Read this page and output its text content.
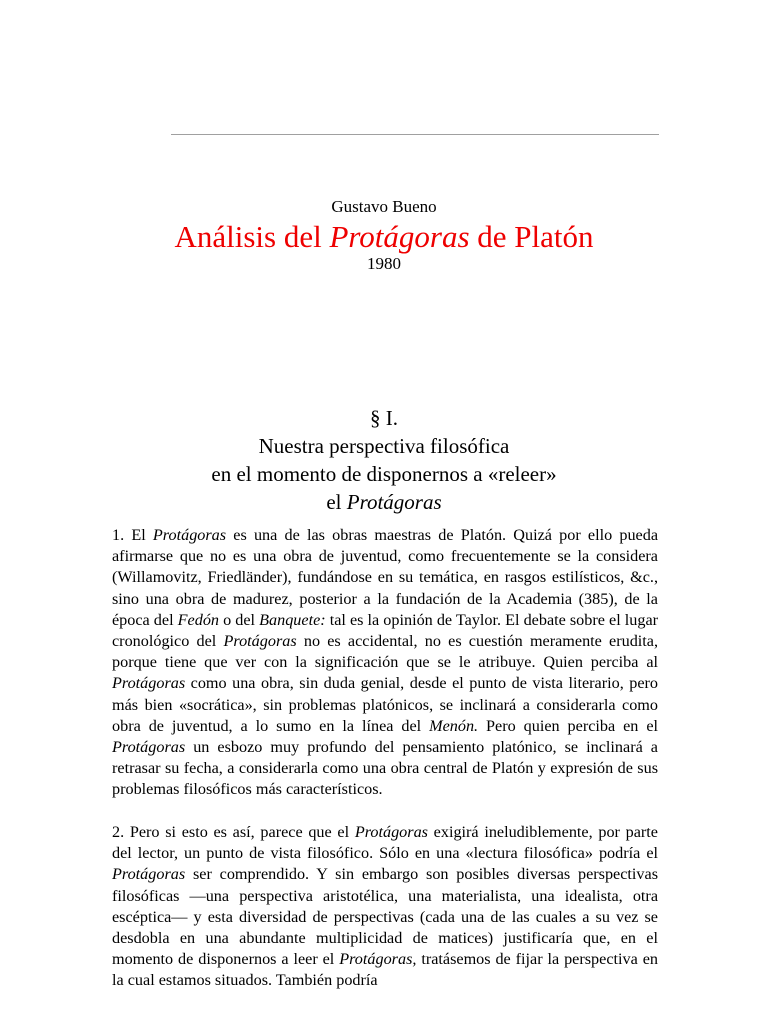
Gustavo Bueno
Análisis del Protágoras de Platón
1980
§ I.
Nuestra perspectiva filosófica
en el momento de disponernos a «releer»
el Protágoras

1. El Protágoras es una de las obras maestras de Platón. Quizá por ello pueda afirmarse que no es una obra de juventud, como frecuentemente se la considera (Willamovitz, Friedländer), fundándose en su temática, en rasgos estilísticos, &c., sino una obra de madurez, posterior a la fundación de la Academia (385), de la época del Fedón o del Banquete: tal es la opinión de Taylor. El debate sobre el lugar cronológico del Protágoras no es accidental, no es cuestión meramente erudita, porque tiene que ver con la significación que se le atribuye. Quien perciba al Protágoras como una obra, sin duda genial, desde el punto de vista literario, pero más bien «socrática», sin problemas platónicos, se inclinará a considerarla como obra de juventud, a lo sumo en la línea del Menón. Pero quien perciba en el Protágoras un esbozo muy profundo del pensamiento platónico, se inclinará a retrasar su fecha, a considerarla como una obra central de Platón y expresión de sus problemas filosóficos más característicos.

2. Pero si esto es así, parece que el Protágoras exigirá ineludiblemente, por parte del lector, un punto de vista filosófico. Sólo en una «lectura filosófica» podría el Protágoras ser comprendido. Y sin embargo son posibles diversas perspectivas filosóficas —una perspectiva aristotélica, una materialista, una idealista, otra escéptica— y esta diversidad de perspectivas (cada una de las cuales a su vez se desdobla en una abundante multiplicidad de matices) justificaría que, en el momento de disponernos a leer el Protágoras, tratásemos de fijar la perspectiva en la cual estamos situados. También podría
